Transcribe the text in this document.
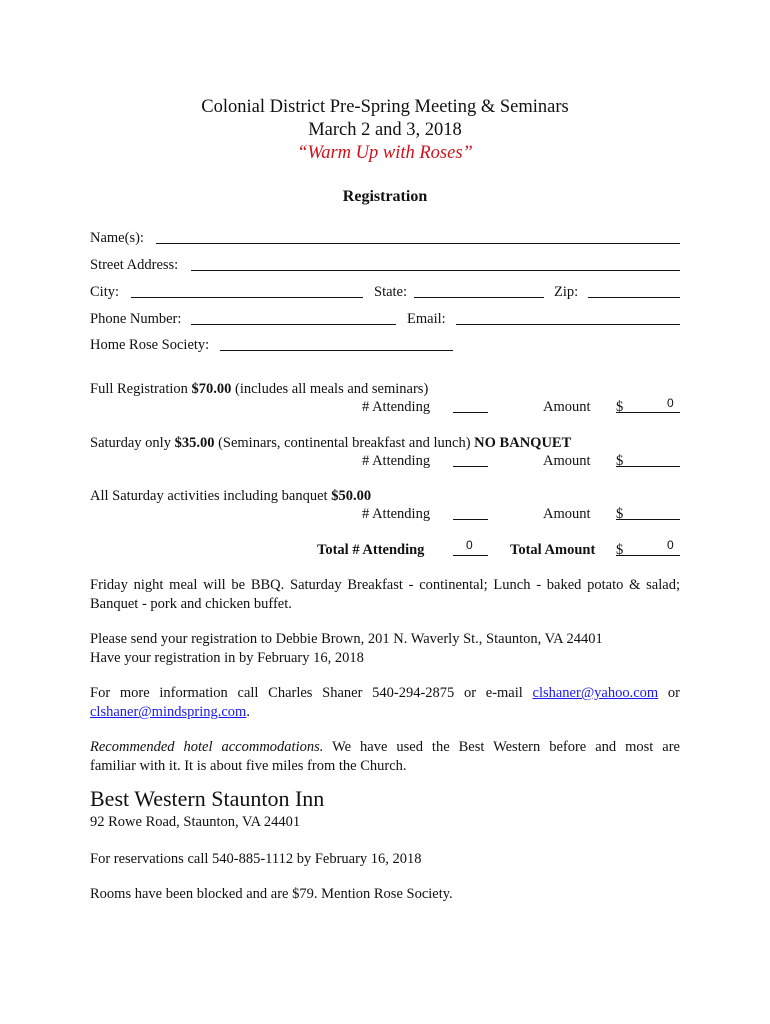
Colonial District Pre-Spring Meeting & Seminars
March 2 and 3, 2018
“Warm Up with Roses”
Registration
Name(s):
Street Address:
City:	State:	Zip:
Phone Number:	Email:
Home Rose Society:
Full Registration $70.00 (includes all meals and seminars)
# Attending	Amount $	0
Saturday only $35.00 (Seminars, continental breakfast and lunch) NO BANQUET
# Attending	Amount $
All Saturday activities including banquet $50.00
# Attending	Amount $
Total # Attending	0	Total Amount $	0
Friday night meal will be BBQ. Saturday Breakfast - continental; Lunch - baked potato & salad;
Banquet - pork and chicken buffet.
Please send your registration to Debbie Brown, 201 N. Waverly St., Staunton, VA 24401
Have your registration in by February 16, 2018
For more information call Charles Shaner 540-294-2875 or e-mail clshaner@yahoo.com or
clshaner@mindspring.com.
Recommended hotel accommodations. We have used the Best Western before and most are
familiar with it. It is about five miles from the Church.
Best Western Staunton Inn
92 Rowe Road, Staunton, VA 24401
For reservations call 540-885-1112 by February 16, 2018
Rooms have been blocked and are $79. Mention Rose Society.
